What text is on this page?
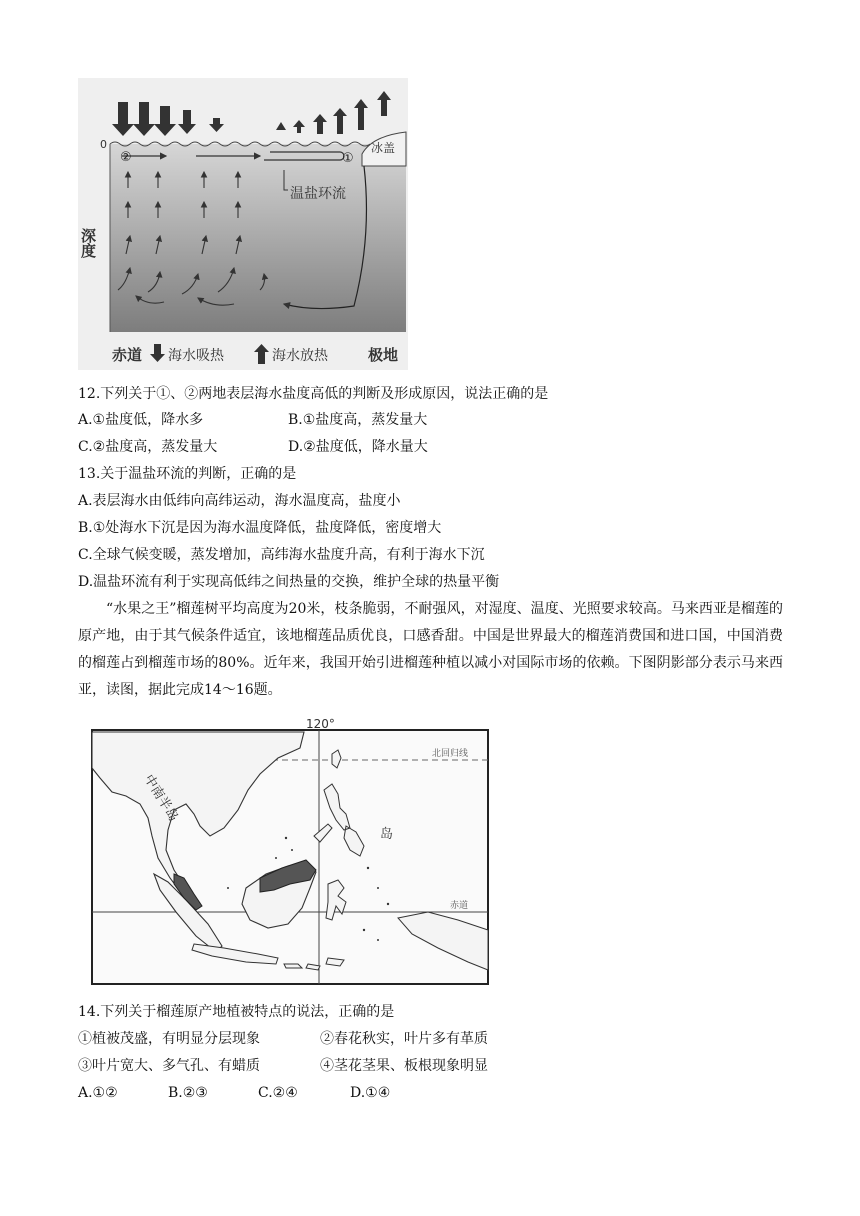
冰盖
0
深度
②	①
温盐环流
赤道 海水吸热	海水放热	极地
12.下列关于①、②两地表层海水盐度高低的判断及形成原因，说法正确的是
A.①盐度低，降水多	B.①盐度高，蒸发量大
C.②盐度高，蒸发量大	D.②盐度低，降水量大
13.关于温盐环流的判断，正确的是
A.表层海水由低纬向高纬运动，海水温度高，盐度小
B.①处海水下沉是因为海水温度降低，盐度降低，密度增大
C.全球气候变暖，蒸发增加，高纬海水盐度升高，有利于海水下沉
D.温盐环流有利于实现高低纬之间热量的交换，维护全球的热量平衡
“水果之王”榴莲树平均高度为20米，枝条脆弱，不耐强风，对湿度、温度、光照要求较高。马来西亚是榴莲的原产地，由于其气候条件适宜，该地榴莲品质优良，口感香甜。中国是世界最大的榴莲消费国和进口国，中国消费的榴莲占到榴莲市场的80%。近年来，我国开始引进榴莲种植以减小对国际市场的依赖。下图阴影部分表示马来西亚，读图，据此完成14～16题。
北回归线
赤道
120°
中南半岛
岛
14.下列关于榴莲原产地植被特点的说法，正确的是
①植被茂盛，有明显分层现象	②春花秋实，叶片多有革质
③叶片宽大、多气孔、有蜡质	④茎花茎果、板根现象明显
A.①②	B.②③	C.②④	D.①④
